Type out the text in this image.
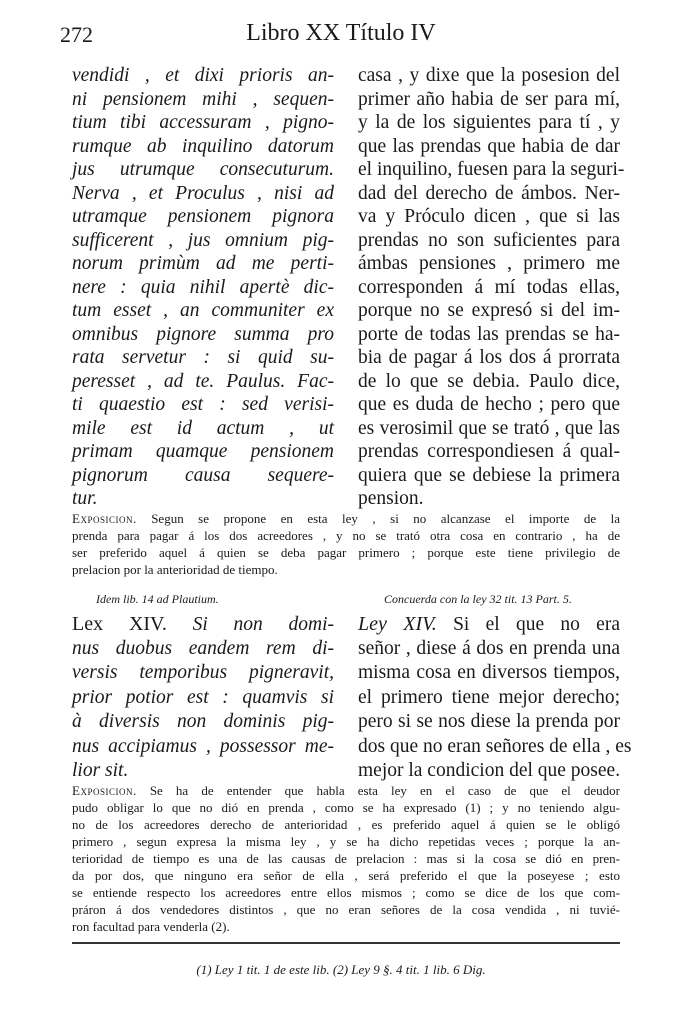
272	Libro XX Título IV
vendidi , et dixi prioris an-
ni pensionem mihi , sequen-
tium tibi accessuram , pigno-
rumque ab inquilino datorum
jus utrumque consecuturum.
Nerva , et Proculus , nisi ad
utramque pensionem pignora
sufficerent , jus omnium pig-
norum primùm ad me perti-
nere : quia nihil apertè dic-
tum esset , an communiter ex
omnibus pignore summa pro
rata servetur : si quid su-
peresset , ad te. Paulus. Fac-
ti quaestio est : sed verisi-
mile est id actum , ut
primam quamque pensionem
pignorum causa sequere-
tur.
casa , y dixe que la posesion del
primer año habia de ser para mí,
y la de los siguientes para tí , y
que las prendas que habia de dar
el inquilino, fuesen para la seguri-
dad del derecho de ámbos. Ner-
va y Próculo dicen , que si las
prendas no son suficientes para
ámbas pensiones , primero me
corresponden á mí todas ellas,
porque no se expresó si del im-
porte de todas las prendas se ha-
bia de pagar á los dos á prorrata
de lo que se debia. Paulo dice,
que es duda de hecho ; pero que
es verosimil que se trató , que las
prendas correspondiesen á qual-
quiera que se debiese la primera
pension.
Exposicion. Segun se propone en esta ley , si no alcanzase el importe de la
prenda para pagar á los dos acreedores , y no se trató otra cosa en contrario , ha de
ser preferido aquel á quien se deba pagar primero ; porque este tiene privilegio de
prelacion por la anterioridad de tiempo.
Idem lib. 14 ad Plautium.	Concuerda con la ley 32 tit. 13 Part. 5.
Lex XIV. Si non domi-
nus duobus eandem rem di-
versis temporibus pigneravit,
prior potior est : quamvis si
à diversis non dominis pig-
nus accipiamus , possessor me-
lior sit.
Ley XIV. Si el que no era
señor , diese á dos en prenda una
misma cosa en diversos tiempos,
el primero tiene mejor derecho;
pero si se nos diese la prenda por
dos que no eran señores de ella , es
mejor la condicion del que posee.
Exposicion. Se ha de entender que habla esta ley en el caso de que el deudor
pudo obligar lo que no dió en prenda , como se ha expresado (1) ; y no teniendo algu-
no de los acreedores derecho de anterioridad , es preferido aquel á quien se le obligó
primero , segun expresa la misma ley , y se ha dicho repetidas veces ; porque la an-
terioridad de tiempo es una de las causas de prelacion : mas si la cosa se dió en pren-
da por dos, que ninguno era señor de ella , será preferido el que la poseyese ; esto
se entiende respecto los acreedores entre ellos mismos ; como se dice de los que com-
práron á dos vendedores distintos , que no eran señores de la cosa vendida , ni tuvié-
ron facultad para venderla (2).
(1) Ley 1 tit. 1 de este lib. (2) Ley 9 §. 4 tit. 1 lib. 6 Dig.
